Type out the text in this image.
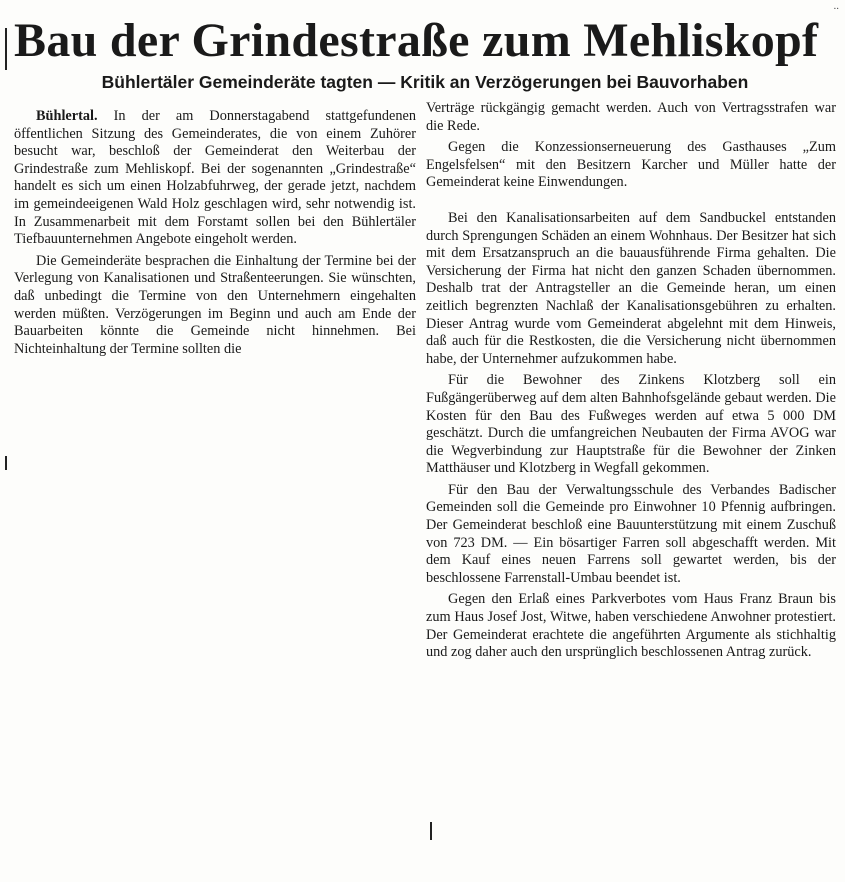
..
Bau der Grindestraße zum Mehliskopf
Bühlertäler Gemeinderäte tagten — Kritik an Verzögerungen bei Bauvorhaben

Bühlertal. In der am Donnerstagabend stattgefundenen öffentlichen Sitzung des Gemeinderates, die von einem Zuhörer besucht war, beschloß der Gemeinderat den Weiterbau der Grindestraße zum Mehliskopf. Bei der sogenannten „Grindestraße“ handelt es sich um einen Holzabfuhrweg, der gerade jetzt, nachdem im gemeindeeigenen Wald Holz geschlagen wird, sehr notwendig ist. In Zusammenarbeit mit dem Forstamt sollen bei den Bühlertäler Tiefbauunternehmen Angebote eingeholt werden.

Die Gemeinderäte besprachen die Einhaltung der Termine bei der Verlegung von Kanalisationen und Straßenteerungen. Sie wünschten, daß unbedingt die Termine von den Unternehmern eingehalten werden müßten. Verzögerungen im Beginn und auch am Ende der Bauarbeiten könnte die Gemeinde nicht hinnehmen. Bei Nichteinhaltung der Termine sollten die

Verträge rückgängig gemacht werden. Auch von Vertragsstrafen war die Rede.

Gegen die Konzessionserneuerung des Gasthauses „Zum Engelsfelsen“ mit den Besitzern Karcher und Müller hatte der Gemeinderat keine Einwendungen.

Bei den Kanalisationsarbeiten auf dem Sandbuckel entstanden durch Sprengungen Schäden an einem Wohnhaus. Der Besitzer hat sich mit dem Ersatzanspruch an die bauausführende Firma gehalten. Die Versicherung der Firma hat nicht den ganzen Schaden übernommen. Deshalb trat der Antragsteller an die Gemeinde heran, um einen zeitlich begrenzten Nachlaß der Kanalisationsgebühren zu erhalten. Dieser Antrag wurde vom Gemeinderat abgelehnt mit dem Hinweis, daß auch für die Restkosten, die die Versicherung nicht übernommen habe, der Unternehmer aufzukommen habe.

Für die Bewohner des Zinkens Klotzberg soll ein Fußgängerüberweg auf dem alten Bahnhofsgelände gebaut werden. Die Kosten für den Bau des Fußweges werden auf etwa 5 000 DM geschätzt. Durch die umfangreichen Neubauten der Firma AVOG war die Wegverbindung zur Hauptstraße für die Bewohner der Zinken Matthäuser und Klotzberg in Wegfall gekommen.

Für den Bau der Verwaltungsschule des Verbandes Badischer Gemeinden soll die Gemeinde pro Einwohner 10 Pfennig aufbringen. Der Gemeinderat beschloß eine Bauunterstützung mit einem Zuschuß von 723 DM. — Ein bösartiger Farren soll abgeschafft werden. Mit dem Kauf eines neuen Farrens soll gewartet werden, bis der beschlossene Farrenstall-Umbau beendet ist.

Gegen den Erlaß eines Parkverbotes vom Haus Franz Braun bis zum Haus Josef Jost, Witwe, haben verschiedene Anwohner protestiert. Der Gemeinderat erachtete die angeführten Argumente als stichhaltig und zog daher auch den ursprünglich beschlossenen Antrag zurück.
